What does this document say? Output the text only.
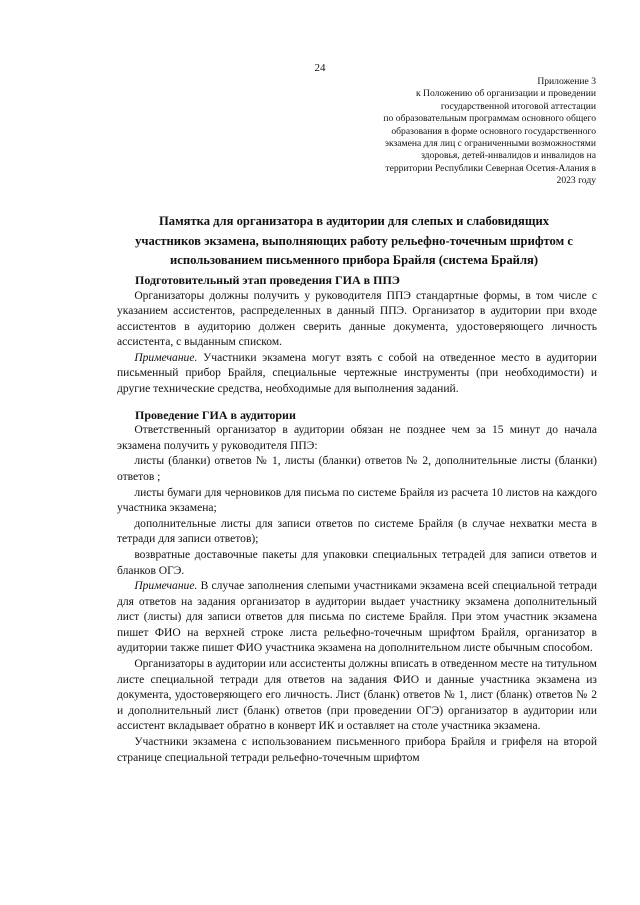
24
Приложение 3
к Положению об организации и проведении
государственной итоговой аттестации
по образовательным программам основного общего
образования в форме основного государственного
экзамена для лиц с ограниченными возможностями
здоровья, детей-инвалидов и инвалидов на
территории Республики Северная Осетия-Алания в
2023 году
Памятка для организатора в аудитории для слепых и слабовидящих
участников экзамена, выполняющих работу рельефно-точечным шрифтом с
использованием письменного прибора Брайля (система Брайля)
Подготовительный этап проведения ГИА в ППЭ

Организаторы должны получить у руководителя ППЭ стандартные формы, в том числе с указанием ассистентов, распределенных в данный ППЭ. Организатор в аудитории при входе ассистентов в аудиторию должен сверить данные документа, удостоверяющего личность ассистента, с выданным списком.

Примечание. Участники экзамена могут взять с собой на отведенное место в аудитории письменный прибор Брайля, специальные чертежные инструменты (при необходимости) и другие технические средства, необходимые для выполнения заданий.

Проведение ГИА в аудитории

Ответственный организатор в аудитории обязан не позднее чем за 15 минут до начала экзамена получить у руководителя ППЭ:

листы (бланки) ответов № 1, листы (бланки) ответов № 2, дополнительные листы (бланки) ответов ;

листы бумаги для черновиков для письма по системе Брайля из расчета 10 листов на каждого участника экзамена;

дополнительные листы для записи ответов по системе Брайля (в случае нехватки места в тетради для записи ответов);

возвратные доставочные пакеты для упаковки специальных тетрадей для записи ответов и бланков ОГЭ.

Примечание. В случае заполнения слепыми участниками экзамена всей специальной тетради для ответов на задания организатор в аудитории выдает участнику экзамена дополнительный лист (листы) для записи ответов для письма по системе Брайля. При этом участник экзамена пишет ФИО на верхней строке листа рельефно-точечным шрифтом Брайля, организатор в аудитории также пишет ФИО участника экзамена на дополнительном листе обычным способом.

Организаторы в аудитории или ассистенты должны вписать в отведенном месте на титульном листе специальной тетради для ответов на задания ФИО и данные участника экзамена из документа, удостоверяющего его личность. Лист (бланк) ответов № 1, лист (бланк) ответов № 2 и дополнительный лист (бланк) ответов (при проведении ОГЭ) организатор в аудитории или ассистент вкладывает обратно в конверт ИК и оставляет на столе участника экзамена.

Участники экзамена с использованием письменного прибора Брайля и грифеля на второй странице специальной тетради рельефно-точечным шрифтом
